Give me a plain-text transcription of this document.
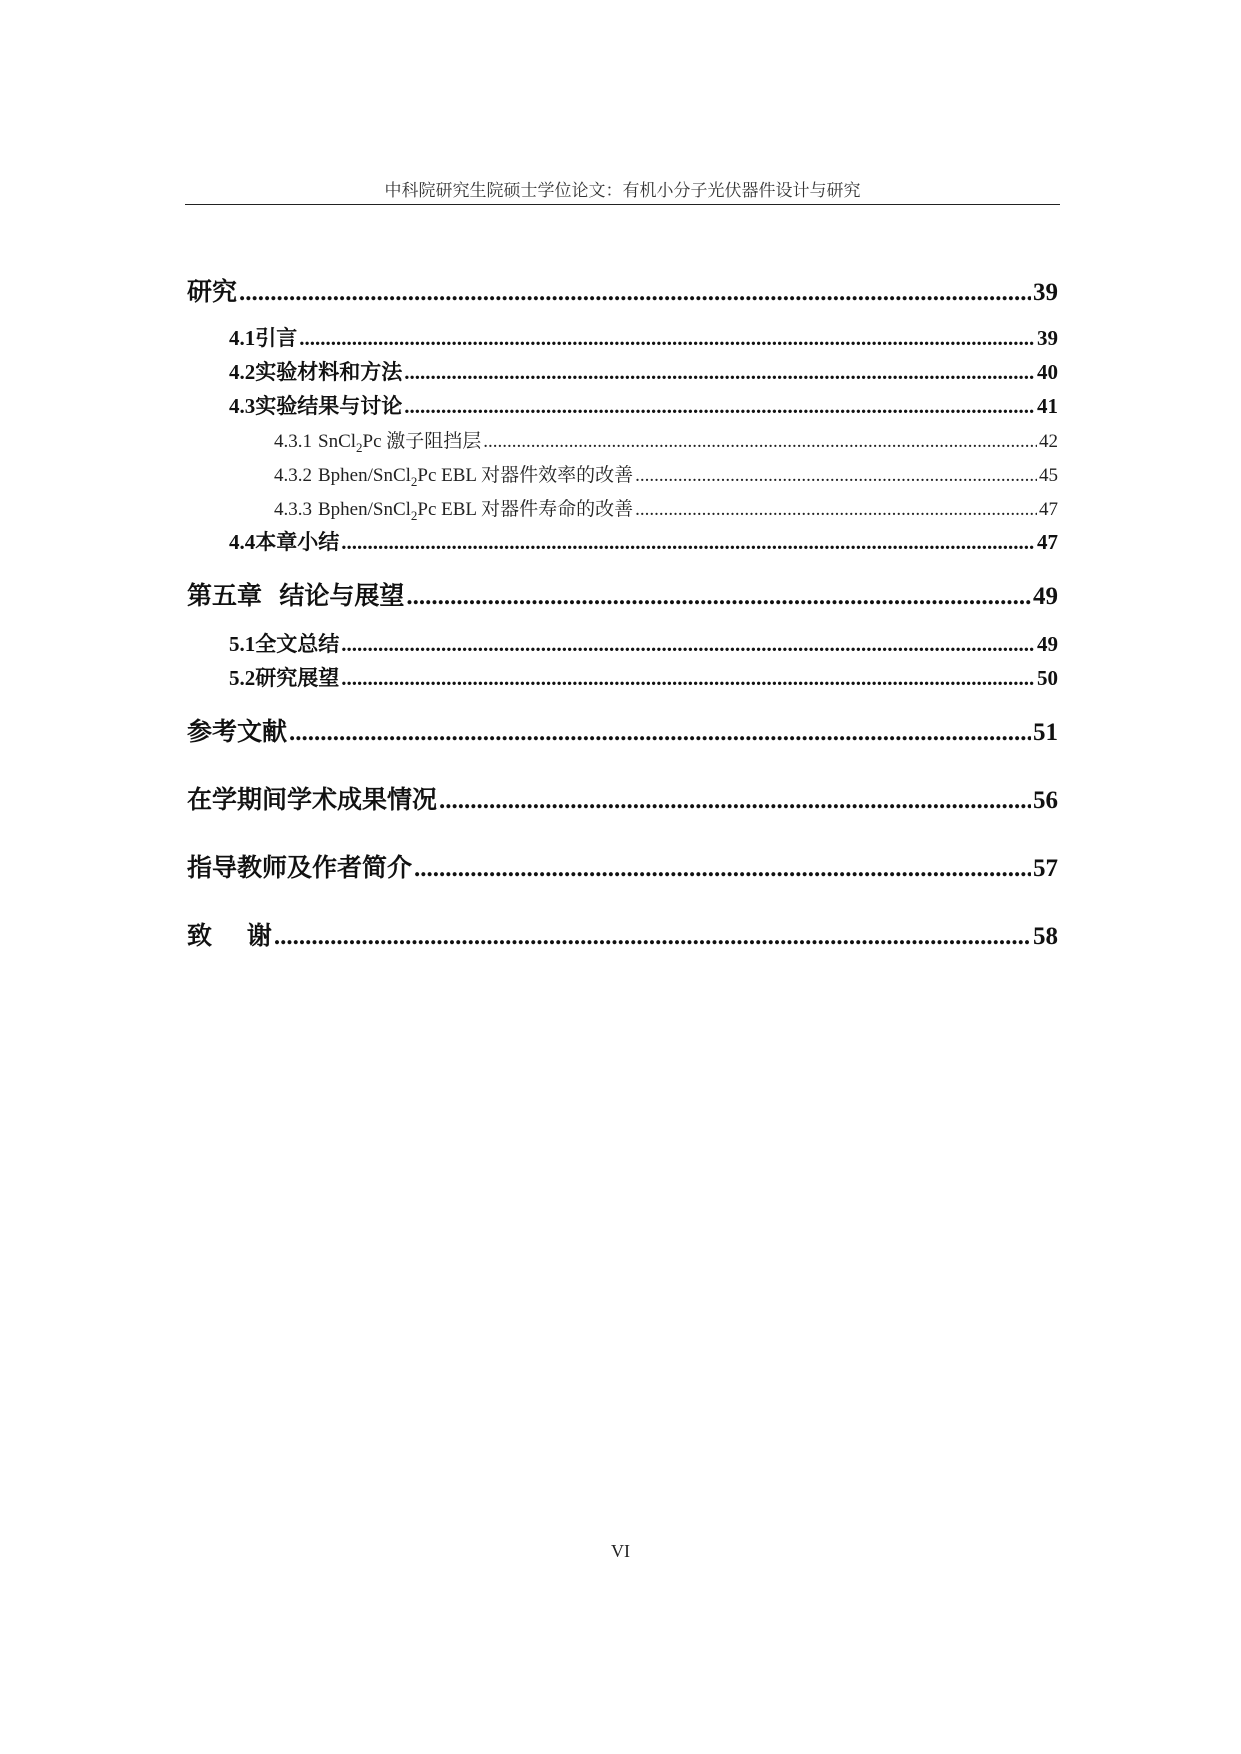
中科院研究生院硕士学位论文：有机小分子光伏器件设计与研究
研究 .....	39
4.1 引言 .....	39
4.2 实验材料和方法 .....	40
4.3 实验结果与讨论 .....	41
4.3.1 SnCl$_2$Pc 激子阻挡层 .....	42
4.3.2 Bphen/SnCl$_2$Pc EBL 对器件效率的改善 .....	45
4.3.3 Bphen/SnCl$_2$Pc EBL 对器件寿命的改善 .....	47
4.4 本章小结 .....	47
第五章  结论与展望 .....	49
5.1 全文总结 .....	49
5.2 研究展望 .....	50
参考文献 .....	51
在学期间学术成果情况 .....	56
指导教师及作者简介 .....	57
致    谢 .....	58
VI
